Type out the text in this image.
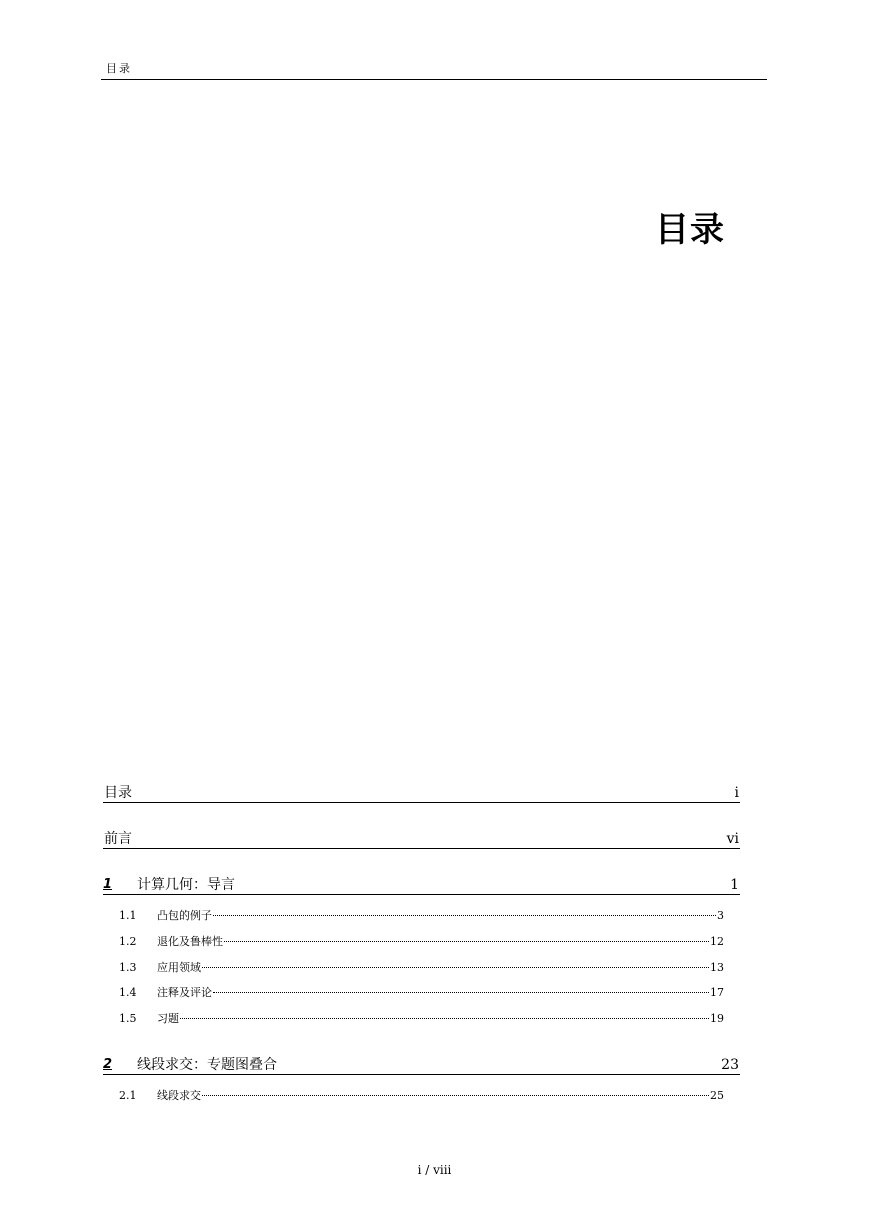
目录
目录
目录	i
前言	vi
1 计算几何：导言	1
1.1	凸包的例子	3
1.2	退化及鲁棒性	12
1.3	应用领域	13
1.4	注释及评论	17
1.5	习题	19
2 线段求交：专题图叠合	23
2.1	线段求交	25
i / viii
